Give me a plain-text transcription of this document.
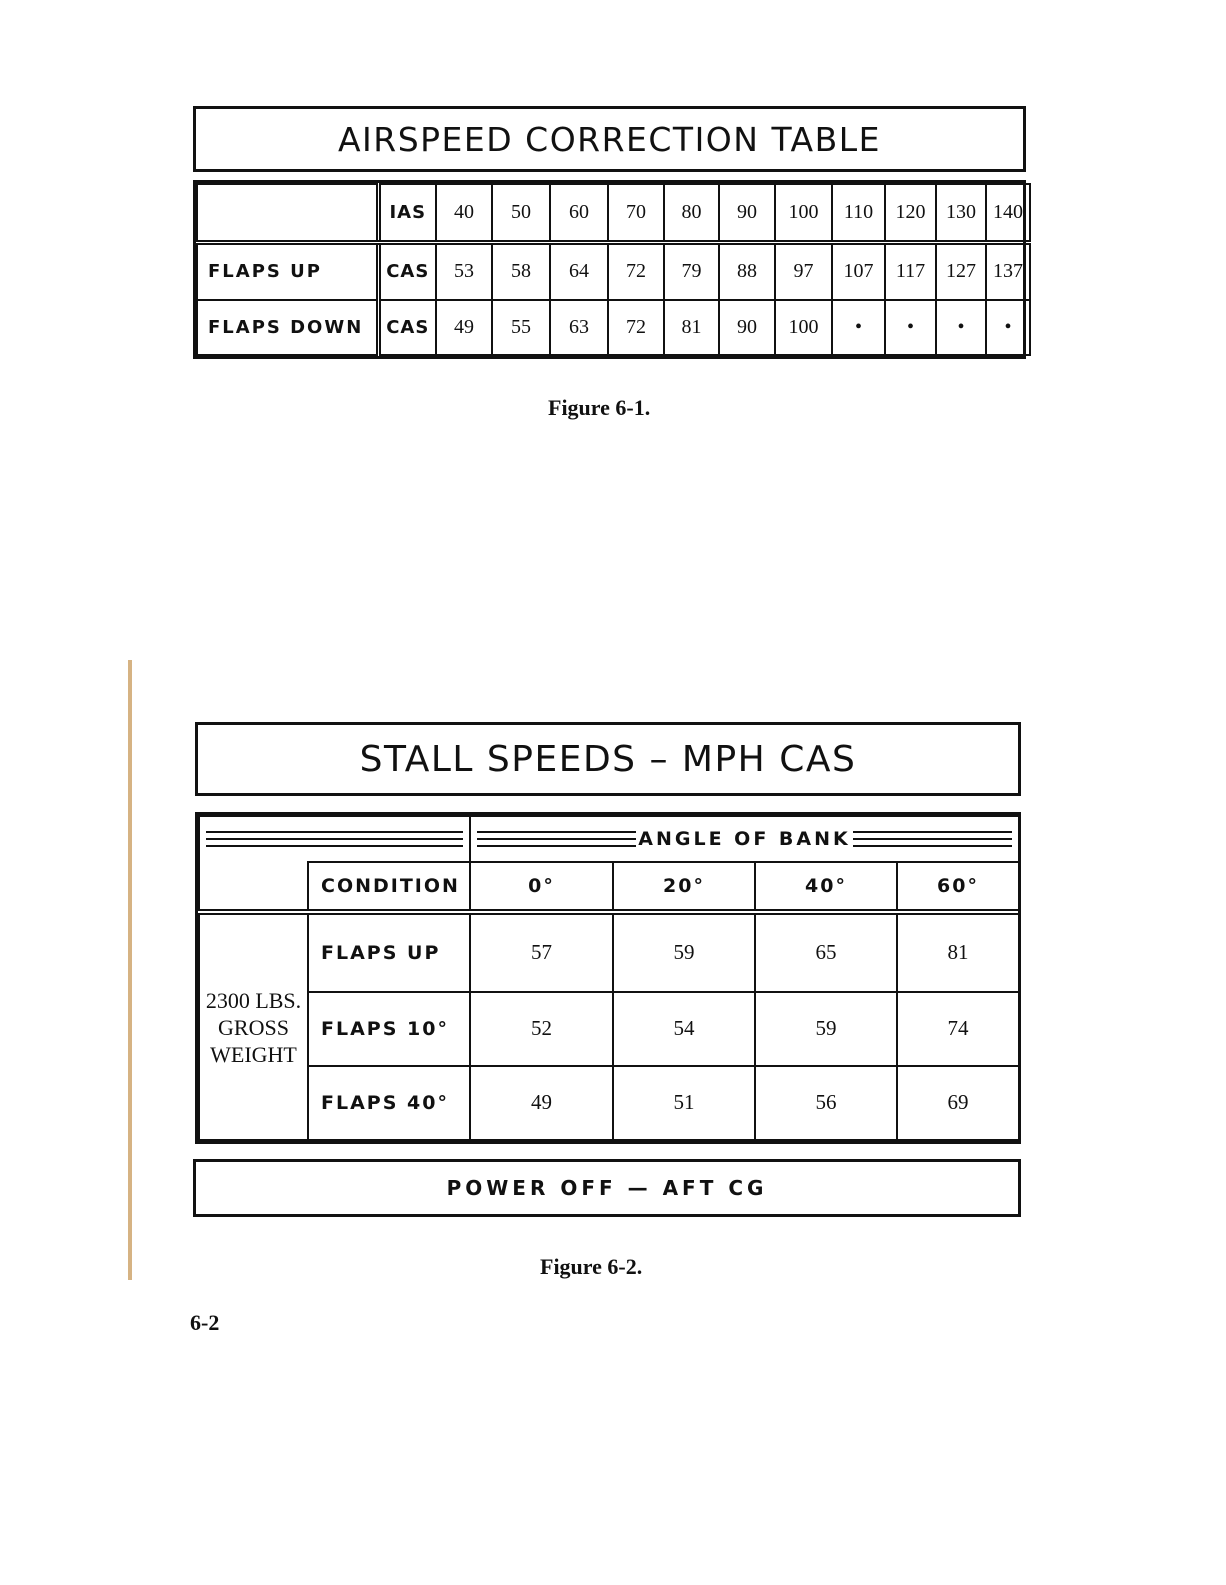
AIRSPEED CORRECTION TABLE
	IAS	40	50	60	70	80	90	100	110	120	130	140
FLAPS UP	CAS	53	58	64	72	79	88	97	107	117	127	137
FLAPS DOWN	CAS	49	55	63	72	81	90	100	•	•	•	•
Figure 6-1.
STALL SPEEDS – MPH CAS

		ANGLE OF BANK			

	CONDITION	0°	20°	40°	60°
2300 LBS. GROSS WEIGHT	FLAPS UP	57	59	65	81
	FLAPS 10°	52	54	59	74
	FLAPS 40°	49	51	56	69
POWER OFF — AFT CG
Figure 6-2.
6-2
